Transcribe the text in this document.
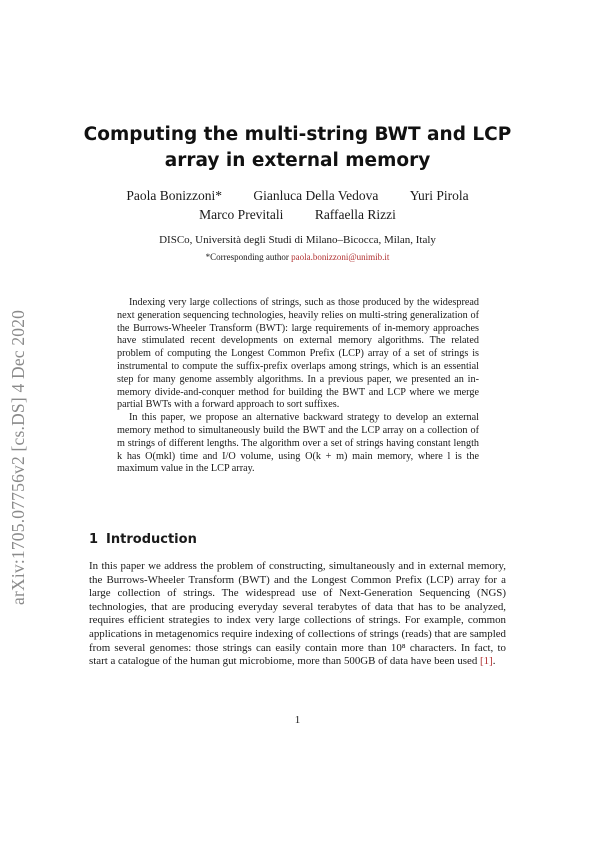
arXiv:1705.07756v2 [cs.DS] 4 Dec 2020
Computing the multi-string BWT and LCP
array in external memory
Paola Bonizzoni* Gianluca Della Vedova Yuri Pirola
Marco Previtali Raffaella Rizzi
DISCo, Università degli Studi di Milano–Bicocca, Milan, Italy
*Corresponding author paola.bonizzoni@unimib.it

Indexing very large collections of strings, such as those produced by the widespread next generation sequencing technologies, heavily relies on multi-string generalization of the Burrows-Wheeler Transform (BWT): large requirements of in-memory approaches have stimulated recent developments on external memory algorithms. The related problem of computing the Longest Common Prefix (LCP) array of a set of strings is instrumental to compute the suffix-prefix overlaps among strings, which is an essential step for many genome assembly algorithms. In a previous paper, we presented an in-memory divide-and-conquer method for building the BWT and LCP where we merge partial BWTs with a forward approach to sort suffixes.

In this paper, we propose an alternative backward strategy to develop an external memory method to simultaneously build the BWT and the LCP array on a collection of m strings of different lengths. The algorithm over a set of strings having constant length k has O(mkl) time and I/O volume, using O(k + m) main memory, where l is the maximum value in the LCP array.

1 Introduction

In this paper we address the problem of constructing, simultaneously and in external memory, the Burrows-Wheeler Transform (BWT) and the Longest Common Prefix (LCP) array for a large collection of strings. The widespread use of Next-Generation Sequencing (NGS) technologies, that are producing everyday several terabytes of data that has to be analyzed, requires efficient strategies to index very large collections of strings. For example, common applications in metagenomics require indexing of collections of strings (reads) that are sampled from several genomes: those strings can easily contain more than 10⁸ characters. In fact, to start a catalogue of the human gut microbiome, more than 500GB of data have been used [1].

1
